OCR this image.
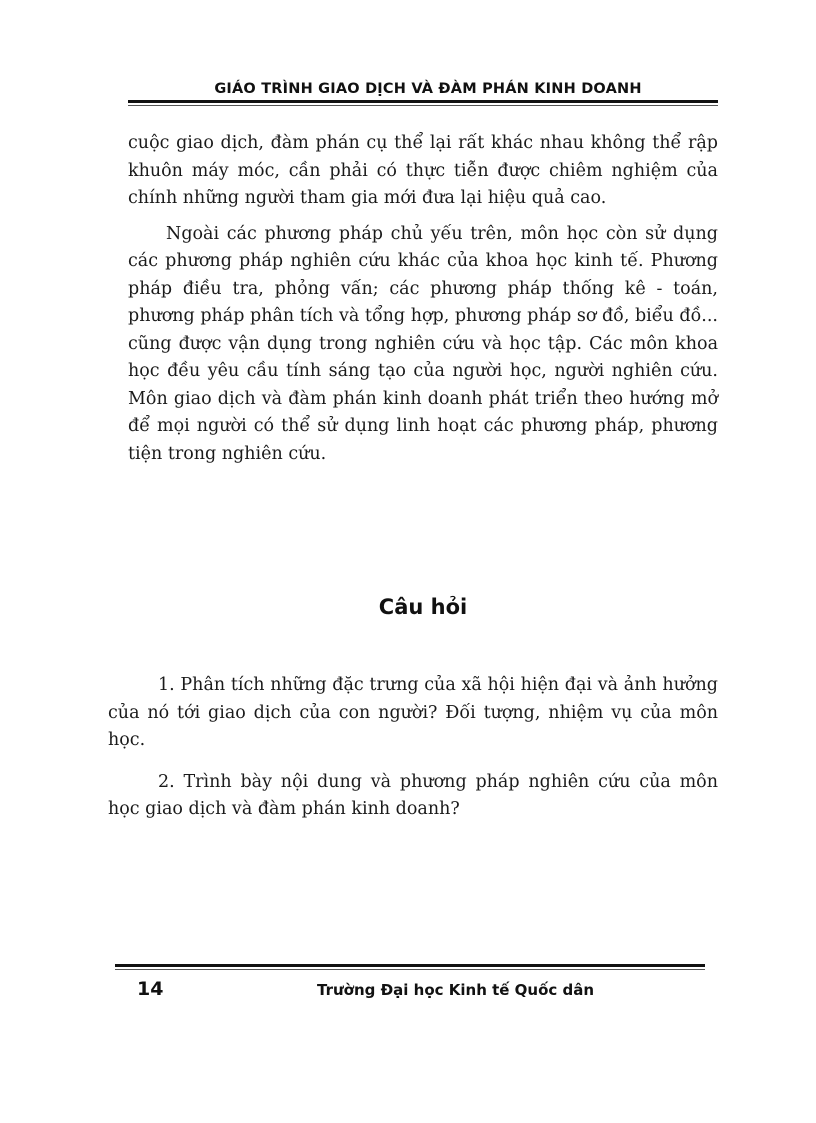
GIÁO TRÌNH GIAO DỊCH VÀ ĐÀM PHÁN KINH DOANH

cuộc giao dịch, đàm phán cụ thể lại rất khác nhau không thể rập khuôn máy móc, cần phải có thực tiễn được chiêm nghiệm của chính những người tham gia mới đưa lại hiệu quả cao.

Ngoài các phương pháp chủ yếu trên, môn học còn sử dụng các phương pháp nghiên cứu khác của khoa học kinh tế. Phương pháp điều tra, phỏng vấn; các phương pháp thống kê - toán, phương pháp phân tích và tổng hợp, phương pháp sơ đồ, biểu đồ... cũng được vận dụng trong nghiên cứu và học tập. Các môn khoa học đều yêu cầu tính sáng tạo của người học, người nghiên cứu. Môn giao dịch và đàm phán kinh doanh phát triển theo hướng mở để mọi người có thể sử dụng linh hoạt các phương pháp, phương tiện trong nghiên cứu.

Câu hỏi

1. Phân tích những đặc trưng của xã hội hiện đại và ảnh hưởng của nó tới giao dịch của con người? Đối tượng, nhiệm vụ của môn học.

2. Trình bày nội dung và phương pháp nghiên cứu của môn học giao dịch và đàm phán kinh doanh?

14	Trường Đại học Kinh tế Quốc dân
